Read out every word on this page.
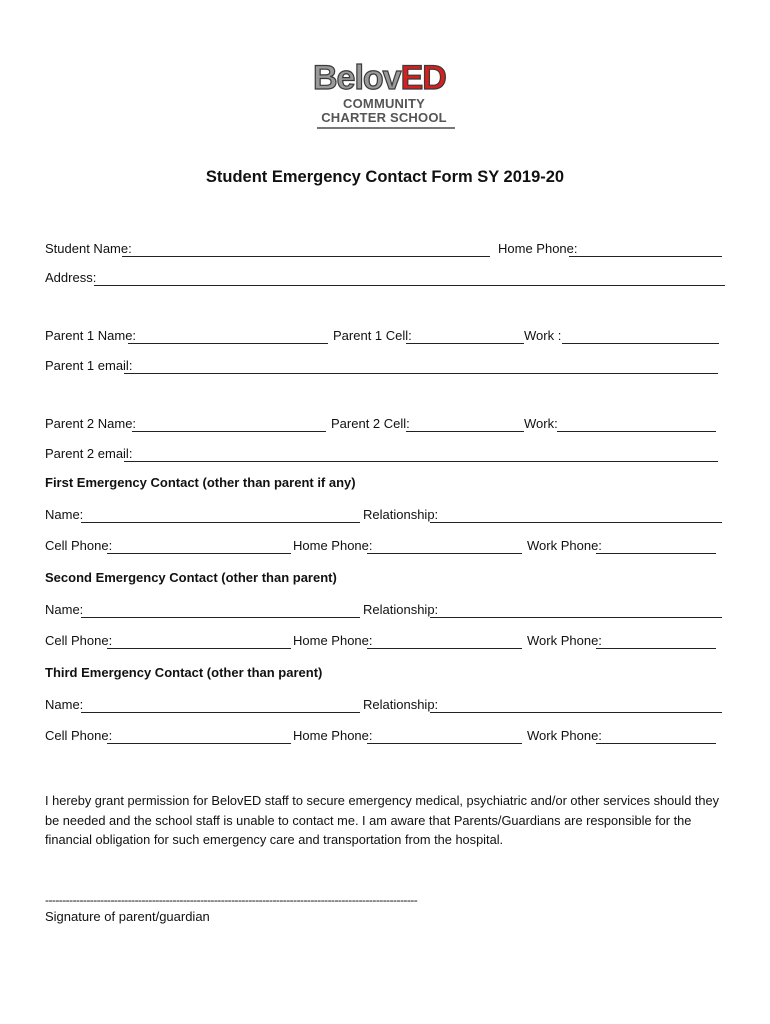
BelovED
COMMUNITY
CHARTER SCHOOL
Student Emergency Contact Form SY 2019-20
Student Name:	Home Phone:
Address:
Parent 1 Name:	Parent 1 Cell:	Work :
Parent 1 email:
Parent 2 Name:	Parent 2 Cell:	Work:
Parent 2 email:
First Emergency Contact (other than parent if any)
Name:	Relationship:
Cell Phone:	Home Phone:	Work Phone:
Second Emergency Contact (other than parent)
Name:	Relationship:
Cell Phone:	Home Phone:	Work Phone:
Third Emergency Contact (other than parent)
Name:	Relationship:
Cell Phone:	Home Phone:	Work Phone:
I hereby grant permission for BelovED staff to secure emergency medical, psychiatric and/or other services should they be needed and the school staff is unable to contact me. I am aware that Parents/Guardians are responsible for the financial obligation for such emergency care and transportation from the hospital.
------------------------------------------------------------------------------------------------------------
Signature of parent/guardian
